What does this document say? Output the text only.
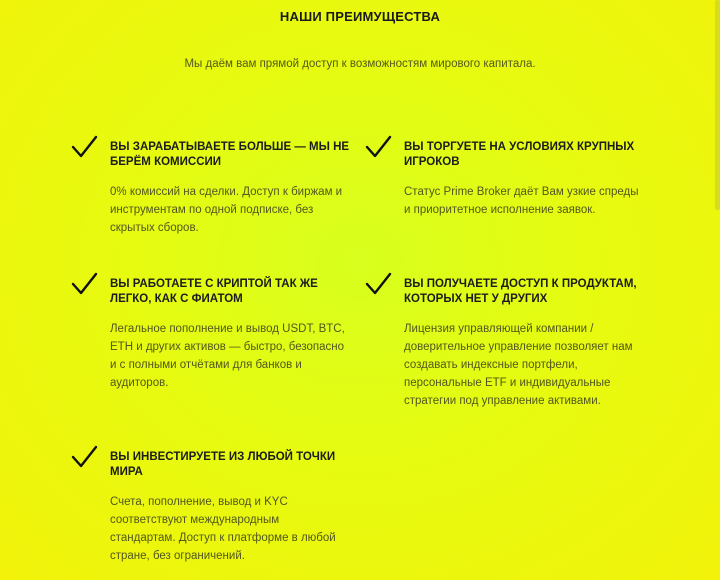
НАШИ ПРЕИМУЩЕСТВА
Мы даём вам прямой доступ к возможностям мирового капитала.

ВЫ ЗАРАБАТЫВАЕТЕ БОЛЬШЕ — МЫ НЕ БЕРЁМ КОМИССИИ

0% комиссий на сделки. Доступ к биржам и инструментам по одной подписке, без скрытых сборов.

ВЫ ТОРГУЕТЕ НА УСЛОВИЯХ КРУПНЫХ ИГРОКОВ

Статус Prime Broker даёт Вам узкие спреды и приоритетное исполнение заявок.

ВЫ РАБОТАЕТЕ С КРИПТОЙ ТАК ЖЕ ЛЕГКО, КАК С ФИАТОМ

Легальное пополнение и вывод USDT, BTC, ETH и других активов — быстро, безопасно и с полными отчётами для банков и аудиторов.

ВЫ ПОЛУЧАЕТЕ ДОСТУП К ПРОДУКТАМ, КОТОРЫХ НЕТ У ДРУГИХ

Лицензия управляющей компании / доверительное управление позволяет нам создавать индексные портфели, персональные ETF и индивидуальные стратегии под управление активами.

ВЫ ИНВЕСТИРУЕТЕ ИЗ ЛЮБОЙ ТОЧКИ МИРА

Счета, пополнение, вывод и KYC соответствуют международным стандартам. Доступ к платформе в любой стране, без ограничений.
